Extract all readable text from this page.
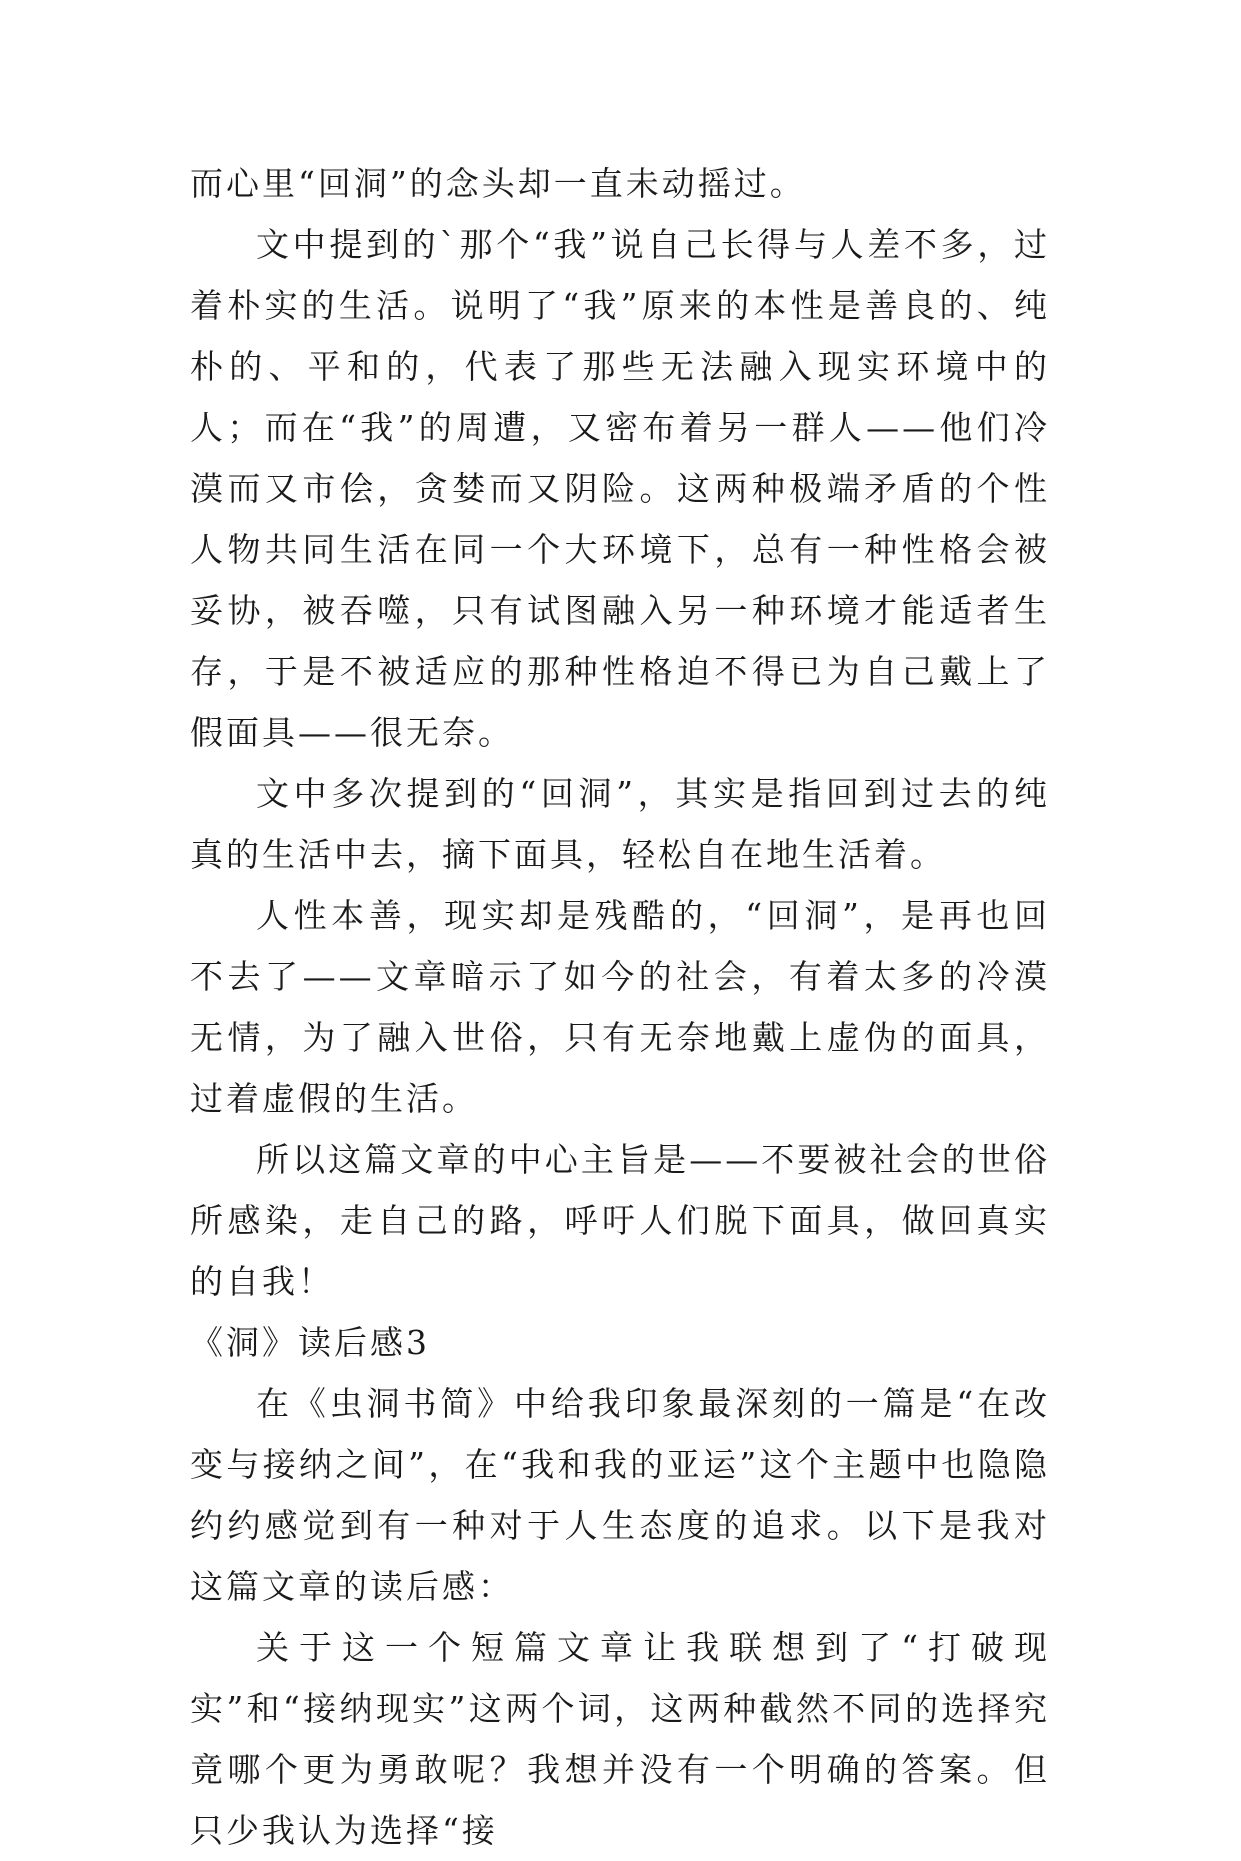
而心里“回洞”的念头却一直未动摇过。

文中提到的`那个“我”说自己长得与人差不多，过着朴实的生活。说明了“我”原来的本性是善良的、纯朴的、平和的，代表了那些无法融入现实环境中的人；而在“我”的周遭，又密布着另一群人——他们冷漠而又市侩，贪婪而又阴险。这两种极端矛盾的个性人物共同生活在同一个大环境下，总有一种性格会被妥协，被吞噬，只有试图融入另一种环境才能适者生存，于是不被适应的那种性格迫不得已为自己戴上了假面具——很无奈。

文中多次提到的“回洞”，其实是指回到过去的纯真的生活中去，摘下面具，轻松自在地生活着。

人性本善，现实却是残酷的，“回洞”，是再也回不去了——文章暗示了如今的社会，有着太多的冷漠无情，为了融入世俗，只有无奈地戴上虚伪的面具，过着虚假的生活。

所以这篇文章的中心主旨是——不要被社会的世俗所感染，走自己的路，呼吁人们脱下面具，做回真实的自我！

《洞》读后感3

在《虫洞书简》中给我印象最深刻的一篇是“在改变与接纳之间”，在“我和我的亚运”这个主题中也隐隐约约感觉到有一种对于人生态度的追求。以下是我对这篇文章的读后感：

关于这一个短篇文章让我联想到了“打破现实”和“接纳现实”这两个词，这两种截然不同的选择究竟哪个更为勇敢呢？我想并没有一个明确的答案。但只少我认为选择“接
